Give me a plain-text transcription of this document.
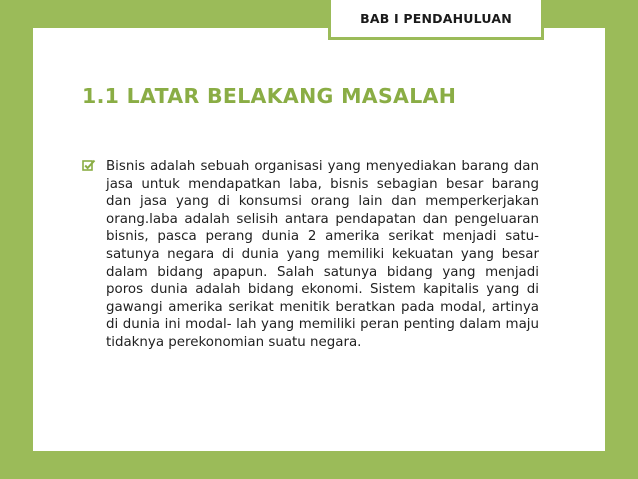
BAB I PENDAHULUAN
1.1 LATAR BELAKANG MASALAH
Bisnis adalah sebuah organisasi yang menyediakan barang dan jasa untuk mendapatkan laba, bisnis sebagian besar barang dan jasa yang di konsumsi orang lain dan memperkerjakan orang.laba adalah selisih antara pendapatan dan pengeluaran bisnis, pasca perang dunia 2 amerika serikat menjadi satu-satunya negara di dunia yang memiliki kekuatan yang besar dalam bidang apapun. Salah satunya bidang yang menjadi poros dunia adalah bidang ekonomi. Sistem kapitalis yang di gawangi amerika serikat menitik beratkan pada modal, artinya di dunia ini modal- lah yang memiliki peran penting dalam maju tidaknya perekonomian suatu negara.
